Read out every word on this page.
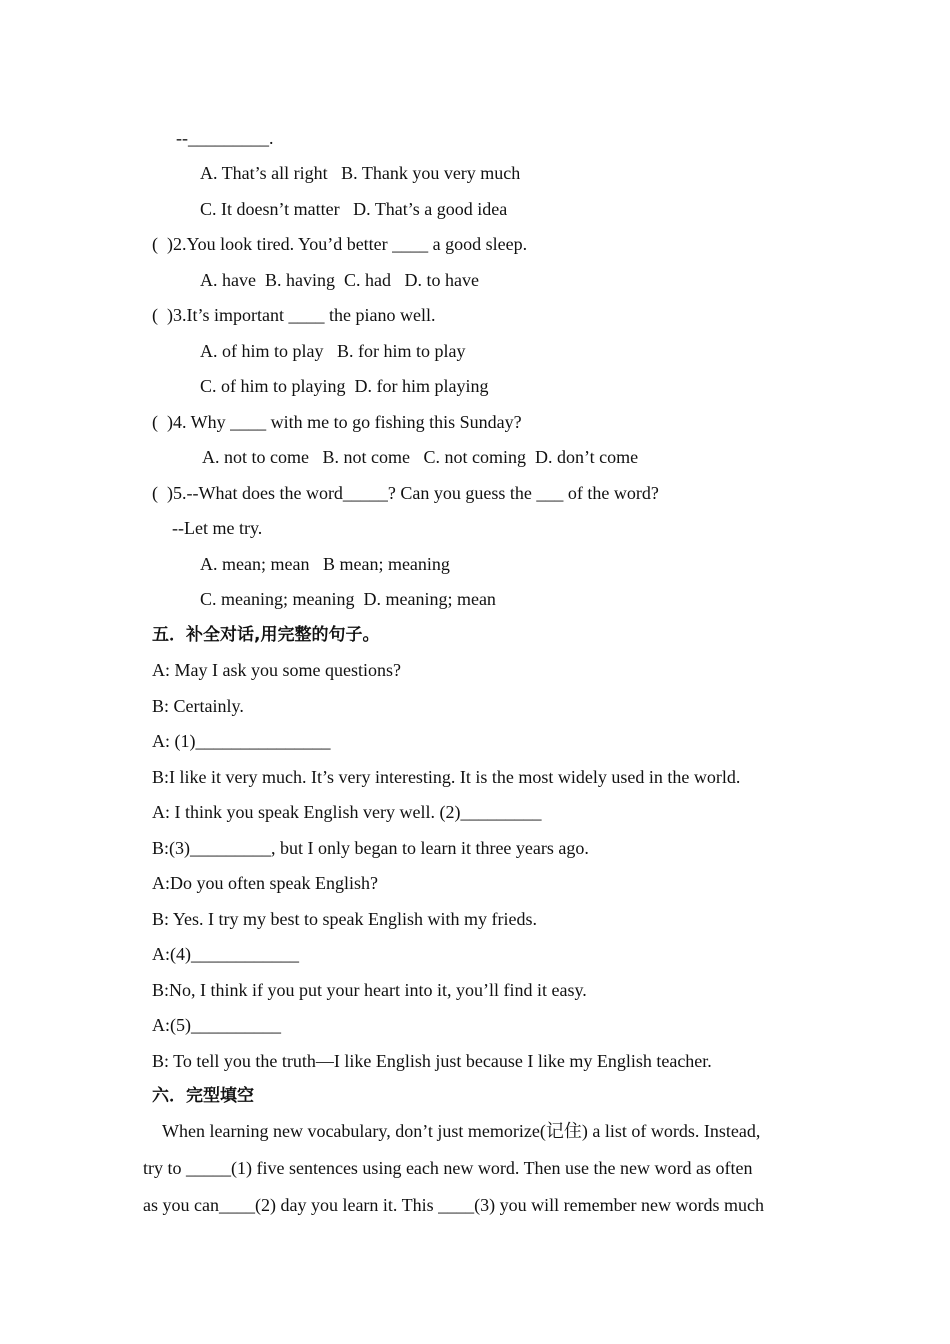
--_________.
A. That’s all right   B. Thank you very much
C. It doesn’t matter   D. That’s a good idea
(  )2.You look tired. You’d better ____ a good sleep.
A. have  B. having  C. had   D. to have
(  )3.It’s important ____ the piano well.
A. of him to play   B. for him to play
C. of him to playing  D. for him playing
(  )4. Why ____ with me to go fishing this Sunday?
A. not to come   B. not come   C. not coming  D. don’t come
(  )5.--What does the word_____? Can you guess the ___ of the word?
--Let me try.
A. mean; mean   B mean; meaning
C. meaning; meaning  D. meaning; mean
五．补全对话,用完整的句子。
A: May I ask you some questions?
B: Certainly.
A: (1)_______________
B:I like it very much. It’s very interesting. It is the most widely used in the world.
A: I think you speak English very well. (2)_________
B:(3)_________, but I only began to learn it three years ago.
A:Do you often speak English?
B: Yes. I try my best to speak English with my frieds.
A:(4)____________
B:No, I think if you put your heart into it, you’ll find it easy.
A:(5)__________
B: To tell you the truth—I like English just because I like my English teacher.
六．完型填空
When learning new vocabulary, don’t just memorize(记住) a list of words. Instead,
try to _____(1) five sentences using each new word. Then use the new word as often
as you can____(2) day you learn it. This ____(3) you will remember new words much
